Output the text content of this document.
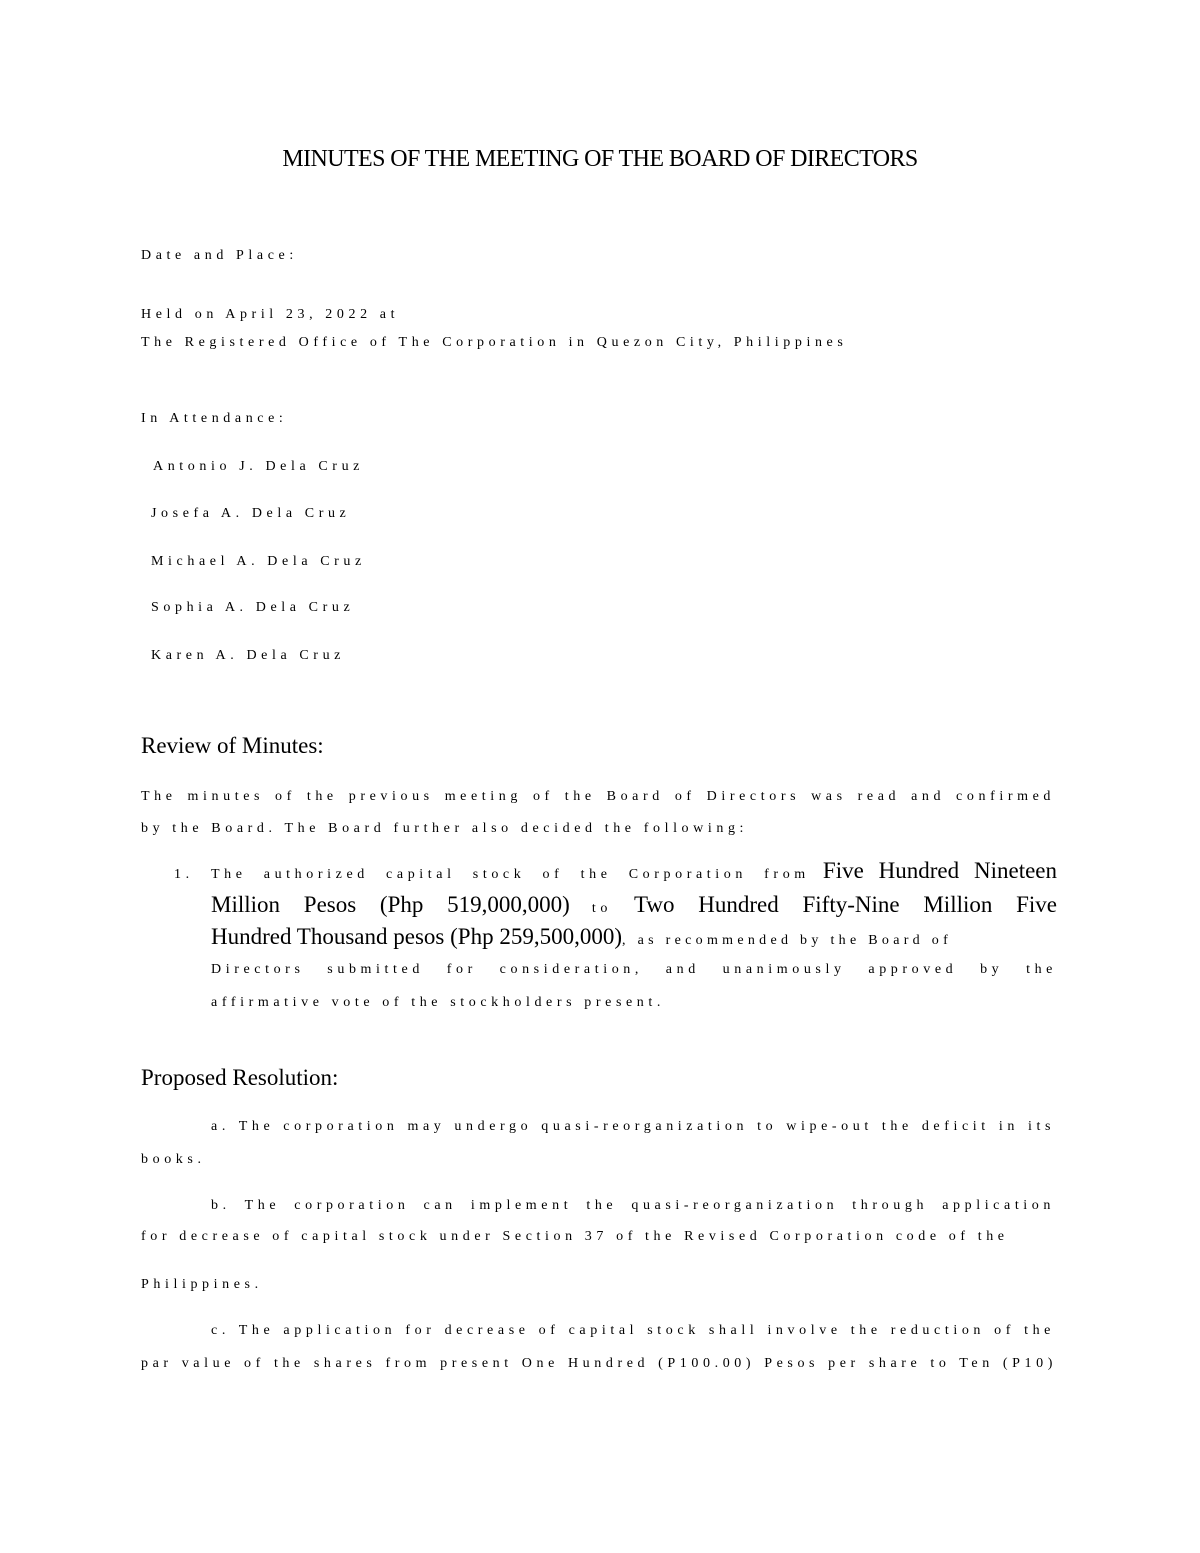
MINUTES OF THE MEETING OF THE BOARD OF DIRECTORS
Date and Place:
Held on April 23, 2022 at
The Registered Office of The Corporation in Quezon City, Philippines
In Attendance:
Antonio J. Dela Cruz
Josefa A. Dela Cruz
Michael A. Dela Cruz
Sophia A. Dela Cruz
Karen A. Dela Cruz
Review of Minutes:
The minutes of the previous meeting of the Board of Directors was read and confirmed
by the Board. The Board further also decided the following:
1. The authorized capital stock of the Corporation from Five Hundred Nineteen
Million Pesos (Php 519,000,000) to Two Hundred Fifty-Nine Million Five
Hundred Thousand pesos (Php 259,500,000), as recommended by the Board of
Directors submitted for consideration, and unanimously approved by the
affirmative vote of the stockholders present.
Proposed Resolution:
a. The corporation may undergo quasi-reorganization to wipe-out the deficit in its
books.
b. The corporation can implement the quasi-reorganization through application
for decrease of capital stock under Section 37 of the Revised Corporation code of the
Philippines.
c. The application for decrease of capital stock shall involve the reduction of the
par value of the shares from present One Hundred (P100.00) Pesos per share to Ten (P10)
